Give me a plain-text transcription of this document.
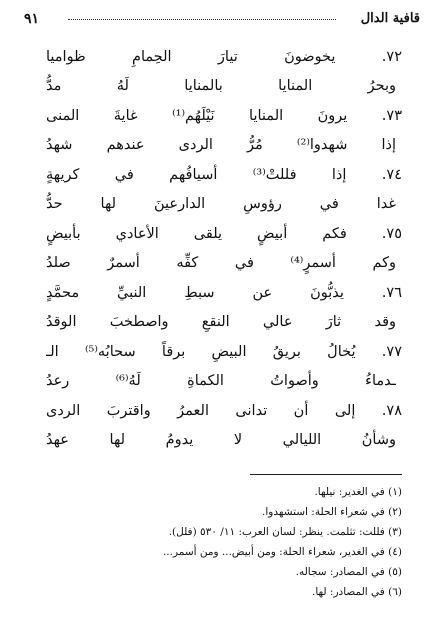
قافية الدال
٩١
٧٢. يخوضونَ تيارَ الحِمامِ ظواميا
وبحرُ المنايا بالمنايا لَهُ مدُّ
٧٣. يرونَ المنايا نَيْلَهُم⁽¹⁾ غايةَ المنى
إذا شهدوا⁽²⁾ مُرُّ الردى عندهم شهدُ
٧٤. إذا فللتْ⁽³⁾ أسيافُهم في كريهةٍ
غدا في رؤوسِ الدارعينَ لها حدُّ
٧٥. فكم أبيضٍ يلقى الأعادي بأبيضٍ
وكم أسمرٍ⁽⁴⁾ في كفِّه أسمرٌ صلدُ
٧٦. يذبُّونَ عن سبطِ النبيِّ محمَّدٍ
وقد ثارَ عالي النقعِ واصطخبَ الوقدُ
٧٧. يُخالُ بريقُ البيضِ برقاً سحابُه⁽⁵⁾ الـ
ـدماءُ وأصواتُ الكماةِ لَهُ⁽⁶⁾ رعدُ
٧٨. إلى أن تدانى العمرُ واقتربَ الردى
وشأنُ الليالي لا يدومُ لها عهدُ
(١) في الغدير: نيلها.
(٢) في شعراء الحلة: استشهدوا.
(٣) فللت: تثلمت. ينظر: لسان العرب: ١١/ ٥٣٠ (فلل).
(٤) في الغدير، شعراء الحلة: ومن أبيض... ومن أسمر...
(٥) في المصادر: سجاله.
(٦) في المصادر: لها.
